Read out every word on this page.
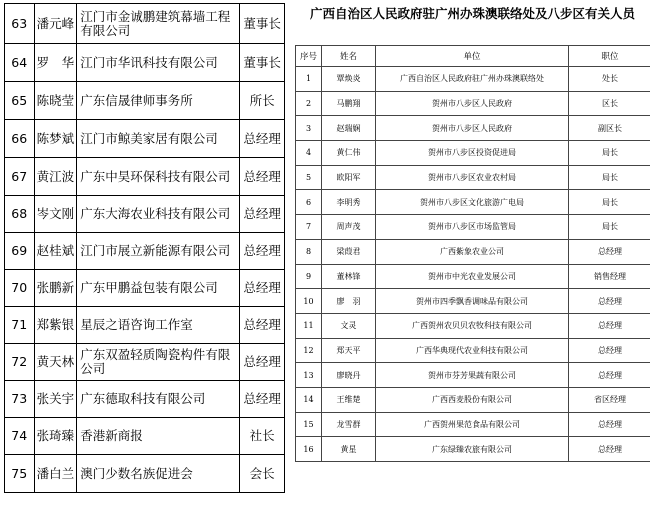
63	潘元峰	江门市金诚鹏建筑幕墙工程有限公司	董事长
64	罗　华	江门市华讯科技有限公司	董事长
65	陈晓莹	广东信晟律师事务所	所长
66	陈梦斌	江门市鲸美家居有限公司	总经理
67	黄江波	广东中昊环保科技有限公司	总经理
68	岑文刚	广东大海农业科技有限公司	总经理
69	赵桂斌	江门市展立新能源有限公司	总经理
70	张鹏新	广东甲鹏益包装有限公司	总经理
71	郑紫银	星辰之语咨询工作室	总经理
72	黄天林	广东双盈轻质陶瓷构件有限公司	总经理
73	张关宇	广东德取科技有限公司	总经理
74	张琦臻	香港新商报	社长
75	潘白兰	澳门少数名族促进会	会长
广西自治区人民政府驻广州办珠澳联络处及八步区有关人员
序号	姓名	单位	职位
1	覃焕炎	广西自治区人民政府驻广州办珠澳联络处	处长
2	马鹏翔	贺州市八步区人民政府	区长
3	赵瑞娴	贺州市八步区人民政府	副区长
4	黄仁伟	贺州市八步区投资促进局	局长
5	欧阳军	贺州市八步区农业农村局	局长
6	李明秀	贺州市八步区文化旅游广电局	局长
7	周声茂	贺州市八步区市场监管局	局长
8	梁葭君	广西紫象农业公司	总经理
9	董林锋	贺州市中光农业发展公司	销售经理
10	廖　羽	贺州市四季飘香调味品有限公司	总经理
11	文灵	广西贺州农贝贝农牧科技有限公司	总经理
12	郑天平	广西华典现代农业科技有限公司	总经理
13	廖晓丹	贺州市芬芳果蔬有限公司	总经理
14	王维楚	广西西麦股份有限公司	省区经理
15	龙雪群	广西贺州果范食品有限公司	总经理
16	黄星	广东绿臻农旅有限公司	总经理
